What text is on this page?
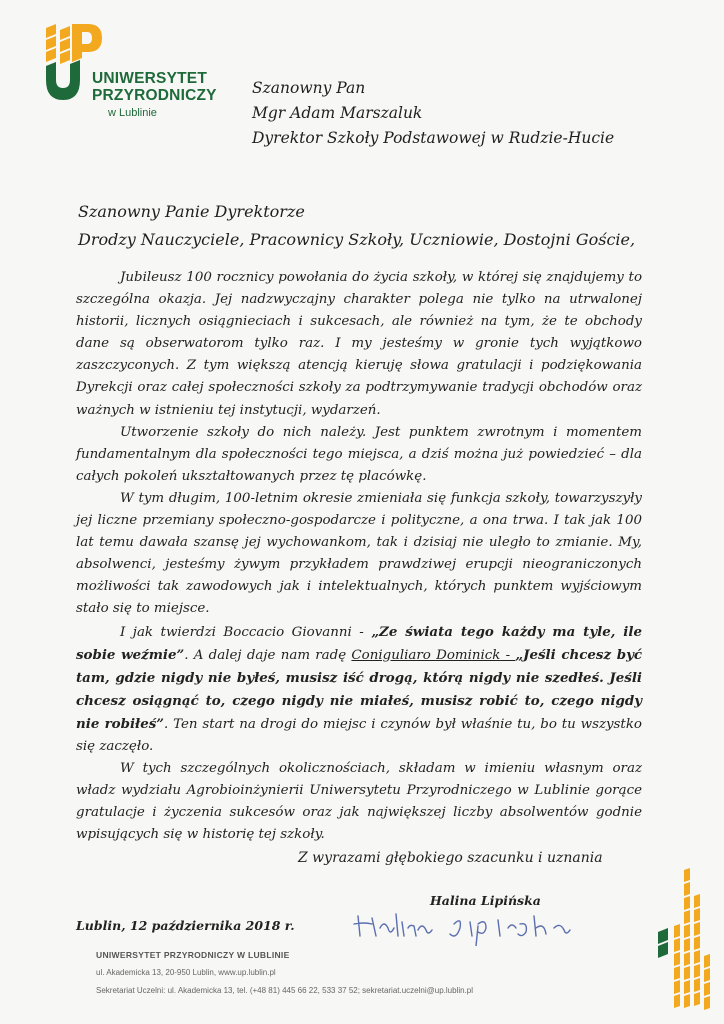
UNIWERSYTET
PRZYRODNICZY
w Lublinie
Szanowny Pan
Mgr Adam Marszaluk
Dyrektor Szkoły Podstawowej w Rudzie-Hucie
Szanowny Panie Dyrektorze
Drodzy Nauczyciele, Pracownicy Szkoły, Uczniowie, Dostojni Goście,

Jubileusz 100 rocznicy powołania do życia szkoły, w której się znajdujemy to szczególna okazja. Jej nadzwyczajny charakter polega nie tylko na utrwalonej historii, licznych osiągnieciach i sukcesach, ale również na tym, że te obchody dane są obserwatorom tylko raz. I my jesteśmy w gronie tych wyjątkowo zaszczyconych. Z tym większą atencją kieruję słowa gratulacji i podziękowania Dyrekcji oraz całej społeczności szkoły za podtrzymywanie tradycji obchodów oraz ważnych w istnieniu tej instytucji, wydarzeń.

Utworzenie szkoły do nich należy. Jest punktem zwrotnym i momentem fundamentalnym dla społeczności tego miejsca, a dziś można już powiedzieć – dla całych pokoleń ukształtowanych przez tę placówkę.

W tym długim, 100-letnim okresie zmieniała się funkcja szkoły, towarzyszyły jej liczne przemiany społeczno-gospodarcze i polityczne, a ona trwa. I tak jak 100 lat temu dawała szansę jej wychowankom, tak i dzisiaj nie uległo to zmianie. My, absolwenci, jesteśmy żywym przykładem prawdziwej erupcji nieograniczonych możliwości tak zawodowych jak i intelektualnych, których punktem wyjściowym stało się to miejsce.

I jak twierdzi Boccacio Giovanni - „Ze świata tego każdy ma tyle, ile sobie weźmie”. A dalej daje nam radę Coniguliaro Dominick - „Jeśli chcesz być tam, gdzie nigdy nie byłeś, musisz iść drogą, którą nigdy nie szedłeś. Jeśli chcesz osiągnąć to, czego nigdy nie miałeś, musisz robić to, czego nigdy nie robiłeś”. Ten start na drogi do miejsc i czynów był właśnie tu, bo tu wszystko się zaczęło.

W tych szczególnych okolicznościach, składam w imieniu własnym oraz władz wydziału Agrobioinżynierii Uniwersytetu Przyrodniczego w Lublinie gorące gratulacje i życzenia sukcesów oraz jak największej liczby absolwentów godnie wpisujących się w historię tej szkoły.

Z wyrazami głębokiego szacunku i uznania
Halina Lipińska
Lublin, 12 października 2018 r.
UNIWERSYTET PRZYRODNICZY W LUBLINIE
ul. Akademicka 13, 20-950 Lublin, www.up.lublin.pl
Sekretariat Uczelni: ul. Akademicka 13, tel. (+48 81) 445 66 22, 533 37 52; sekretariat.uczelni@up.lublin.pl
